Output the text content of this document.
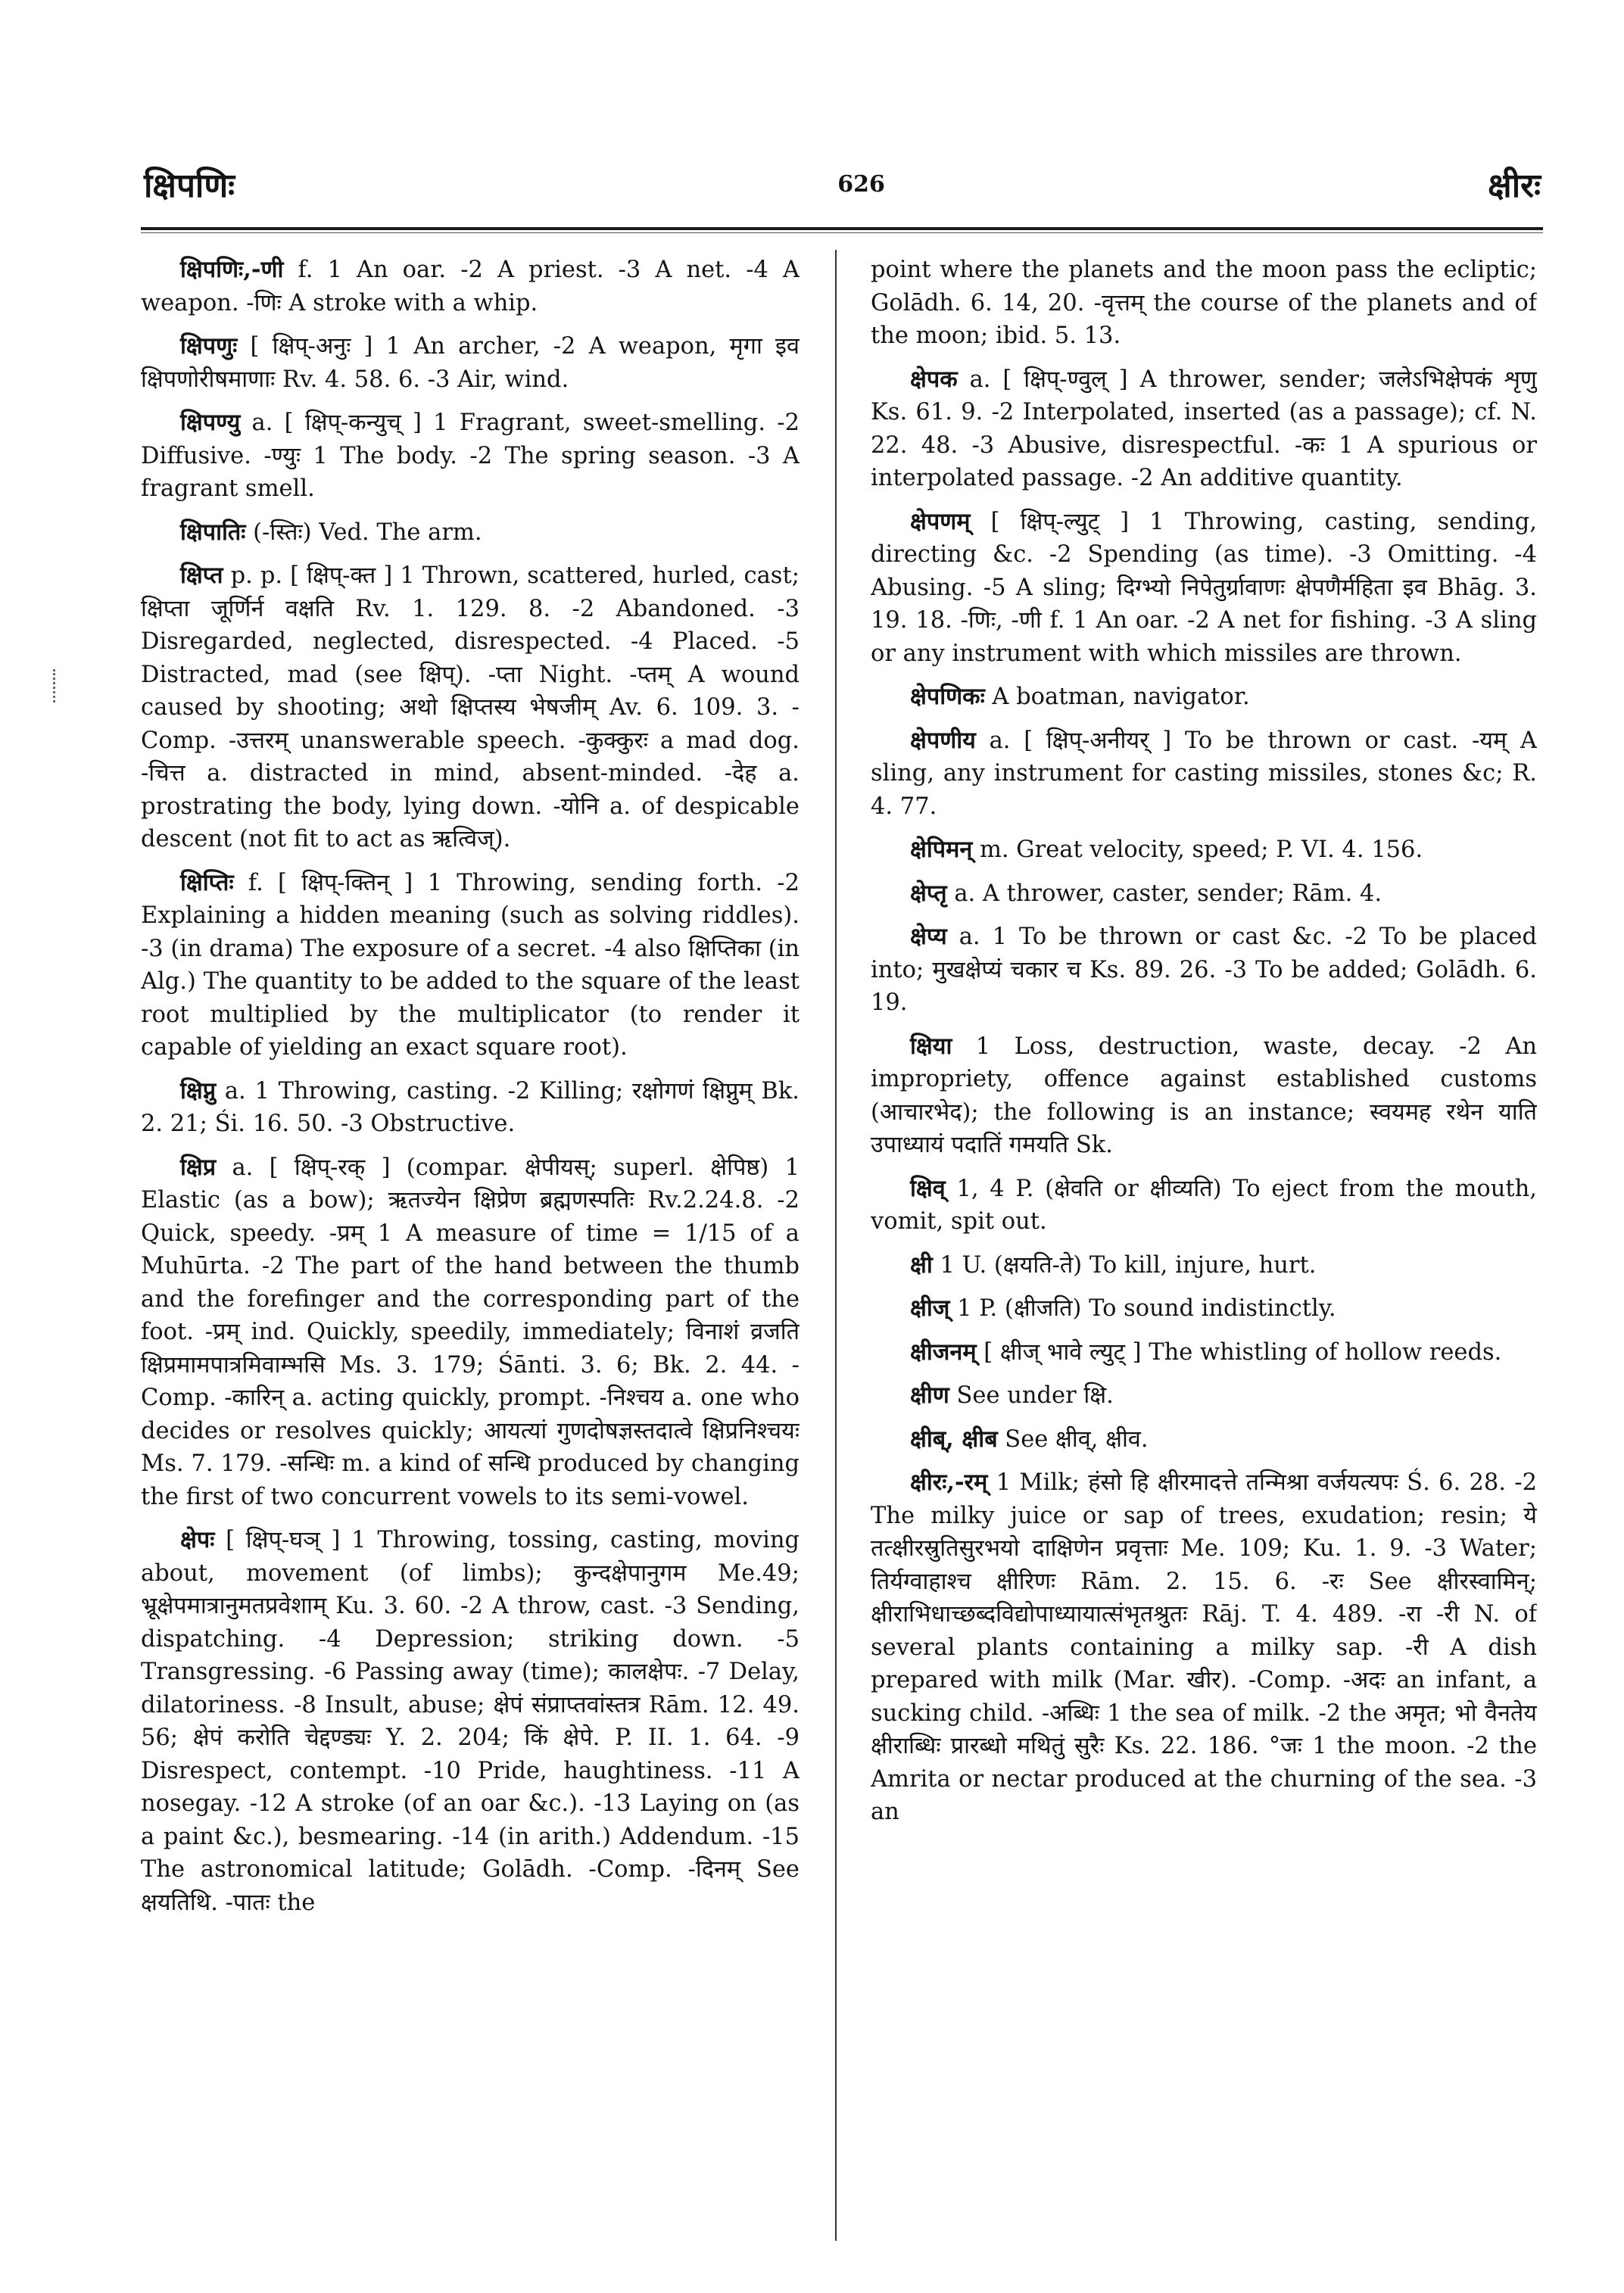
क्षिपणिः	626	क्षीरः

क्षिपणिः,-णी f. 1 An oar. -2 A priest. -3 A net. -4 A weapon. -णिः A stroke with a whip.

क्षिपणुः [ क्षिप्-अनुः ] 1 An archer, -2 A weapon, मृगा इव क्षिपणोरीषमाणाः Rv. 4. 58. 6. -3 Air, wind.

क्षिपण्यु a. [ क्षिप्-कन्युच् ] 1 Fragrant, sweet-smelling. -2 Diffusive. -ण्युः 1 The body. -2 The spring season. -3 A fragrant smell.

क्षिपातिः (-स्तिः) Ved. The arm.

क्षिप्त p. p. [ क्षिप्-क्त ] 1 Thrown, scattered, hurled, cast; क्षिप्ता जूर्णिर्न वक्षति Rv. 1. 129. 8. -2 Abandoned. -3 Disregarded, neglected, disrespected. -4 Placed. -5 Distracted, mad (see क्षिप्). -प्ता Night. -प्तम् A wound caused by shooting; अथो क्षिप्तस्य भेषजीम् Av. 6. 109. 3. -Comp. -उत्तरम् unanswerable speech. -कुक्कुरः a mad dog. -चित्त a. distracted in mind, absent-minded. -देह a. prostrating the body, lying down. -योनि a. of despicable descent (not fit to act as ऋत्विज्).

क्षिप्तिः f. [ क्षिप्-क्तिन् ] 1 Throwing, sending forth. -2 Explaining a hidden meaning (such as solving riddles). -3 (in drama) The exposure of a secret. -4 also क्षिप्तिका (in Alg.) The quantity to be added to the square of the least root multiplied by the multiplicator (to render it capable of yielding an exact square root).

क्षिप्नु a. 1 Throwing, casting. -2 Killing; रक्षोगणं क्षिप्नुम् Bk. 2. 21; Śi. 16. 50. -3 Obstructive.

क्षिप्र a. [ क्षिप्-रक् ] (compar. क्षेपीयस्; superl. क्षेपिष्ठ) 1 Elastic (as a bow); ऋतज्येन क्षिप्रेण ब्रह्मणस्पतिः Rv.2.24.8. -2 Quick, speedy. -प्रम् 1 A measure of time = 1/15 of a Muhūrta. -2 The part of the hand between the thumb and the forefinger and the corresponding part of the foot. -प्रम् ind. Quickly, speedily, immediately; विनाशं व्रजति क्षिप्रमामपात्रमिवाम्भसि Ms. 3. 179; Śānti. 3. 6; Bk. 2. 44. -Comp. -कारिन् a. acting quickly, prompt. -निश्चय a. one who decides or resolves quickly; आयत्यां गुणदोषज्ञस्तदात्वे क्षिप्रनिश्चयः Ms. 7. 179. -सन्धिः m. a kind of सन्धि produced by changing the first of two concurrent vowels to its semi-vowel.

क्षेपः [ क्षिप्-घञ् ] 1 Throwing, tossing, casting, moving about, movement (of limbs); कुन्दक्षेपानुगम Me.49; भ्रूक्षेपमात्रानुमतप्रवेशाम् Ku. 3. 60. -2 A throw, cast. -3 Sending, dispatching. -4 Depression; striking down. -5 Transgressing. -6 Passing away (time); कालक्षेपः. -7 Delay, dilatoriness. -8 Insult, abuse; क्षेपं संप्राप्तवांस्तत्र Rām. 12. 49. 56; क्षेपं करोति चेद्दण्ड्यः Y. 2. 204; किं क्षेपे. P. II. 1. 64. -9 Disrespect, contempt. -10 Pride, haughtiness. -11 A nosegay. -12 A stroke (of an oar &c.). -13 Laying on (as a paint &c.), besmearing. -14 (in arith.) Addendum. -15 The astronomical latitude; Golādh. -Comp. -दिनम् See क्षयतिथि. -पातः the

point where the planets and the moon pass the ecliptic; Golādh. 6. 14, 20. -वृत्तम् the course of the planets and of the moon; ibid. 5. 13.

क्षेपक a. [ क्षिप्-ण्वुल् ] A thrower, sender; जलेऽभिक्षेपकं शृणु Ks. 61. 9. -2 Interpolated, inserted (as a passage); cf. N. 22. 48. -3 Abusive, disrespectful. -कः 1 A spurious or interpolated passage. -2 An additive quantity.

क्षेपणम् [ क्षिप्-ल्युट् ] 1 Throwing, casting, sending, directing &c. -2 Spending (as time). -3 Omitting. -4 Abusing. -5 A sling; दिग्भ्यो निपेतुर्ग्रावाणः क्षेपणैर्महिता इव Bhāg. 3. 19. 18. -णिः, -णी f. 1 An oar. -2 A net for fishing. -3 A sling or any instrument with which missiles are thrown.

क्षेपणिकः A boatman, navigator.

क्षेपणीय a. [ क्षिप्-अनीयर् ] To be thrown or cast. -यम् A sling, any instrument for casting missiles, stones &c; R. 4. 77.

क्षेपिमन् m. Great velocity, speed; P. VI. 4. 156.

क्षेप्तृ a. A thrower, caster, sender; Rām. 4.

क्षेप्य a. 1 To be thrown or cast &c. -2 To be placed into; मुखक्षेप्यं चकार च Ks. 89. 26. -3 To be added; Golādh. 6. 19.

क्षिया 1 Loss, destruction, waste, decay. -2 An impropriety, offence against established customs (आचारभेद); the following is an instance; स्वयमह रथेन याति उपाध्यायं पदातिं गमयति Sk.

क्षिव् 1, 4 P. (क्षेवति or क्षीव्यति) To eject from the mouth, vomit, spit out.

क्षी 1 U. (क्षयति-ते) To kill, injure, hurt.

क्षीज् 1 P. (क्षीजति) To sound indistinctly.

क्षीजनम् [ क्षीज् भावे ल्युट् ] The whistling of hollow reeds.

क्षीण See under क्षि.

क्षीब्, क्षीब See क्षीव्, क्षीव.

क्षीरः,-रम् 1 Milk; हंसो हि क्षीरमादत्ते तन्मिश्रा वर्जयत्यपः Ś. 6. 28. -2 The milky juice or sap of trees, exudation; resin; ये तत्क्षीरस्रुतिसुरभयो दाक्षिणेन प्रवृत्ताः Me. 109; Ku. 1. 9. -3 Water; तिर्यग्वाहाश्च क्षीरिणः Rām. 2. 15. 6. -रः See क्षीरस्वामिन्; क्षीराभिधाच्छब्दविद्योपाध्यायात्संभृतश्रुतः Rāj. T. 4. 489. -रा -री N. of several plants containing a milky sap. -री A dish prepared with milk (Mar. खीर). -Comp. -अदः an infant, a sucking child. -अब्धिः 1 the sea of milk. -2 the अमृत; भो वैनतेय क्षीराब्धिः प्रारब्धो मथितुं सुरैः Ks. 22. 186. °जः 1 the moon. -2 the Amrita or nectar produced at the churning of the sea. -3 an
